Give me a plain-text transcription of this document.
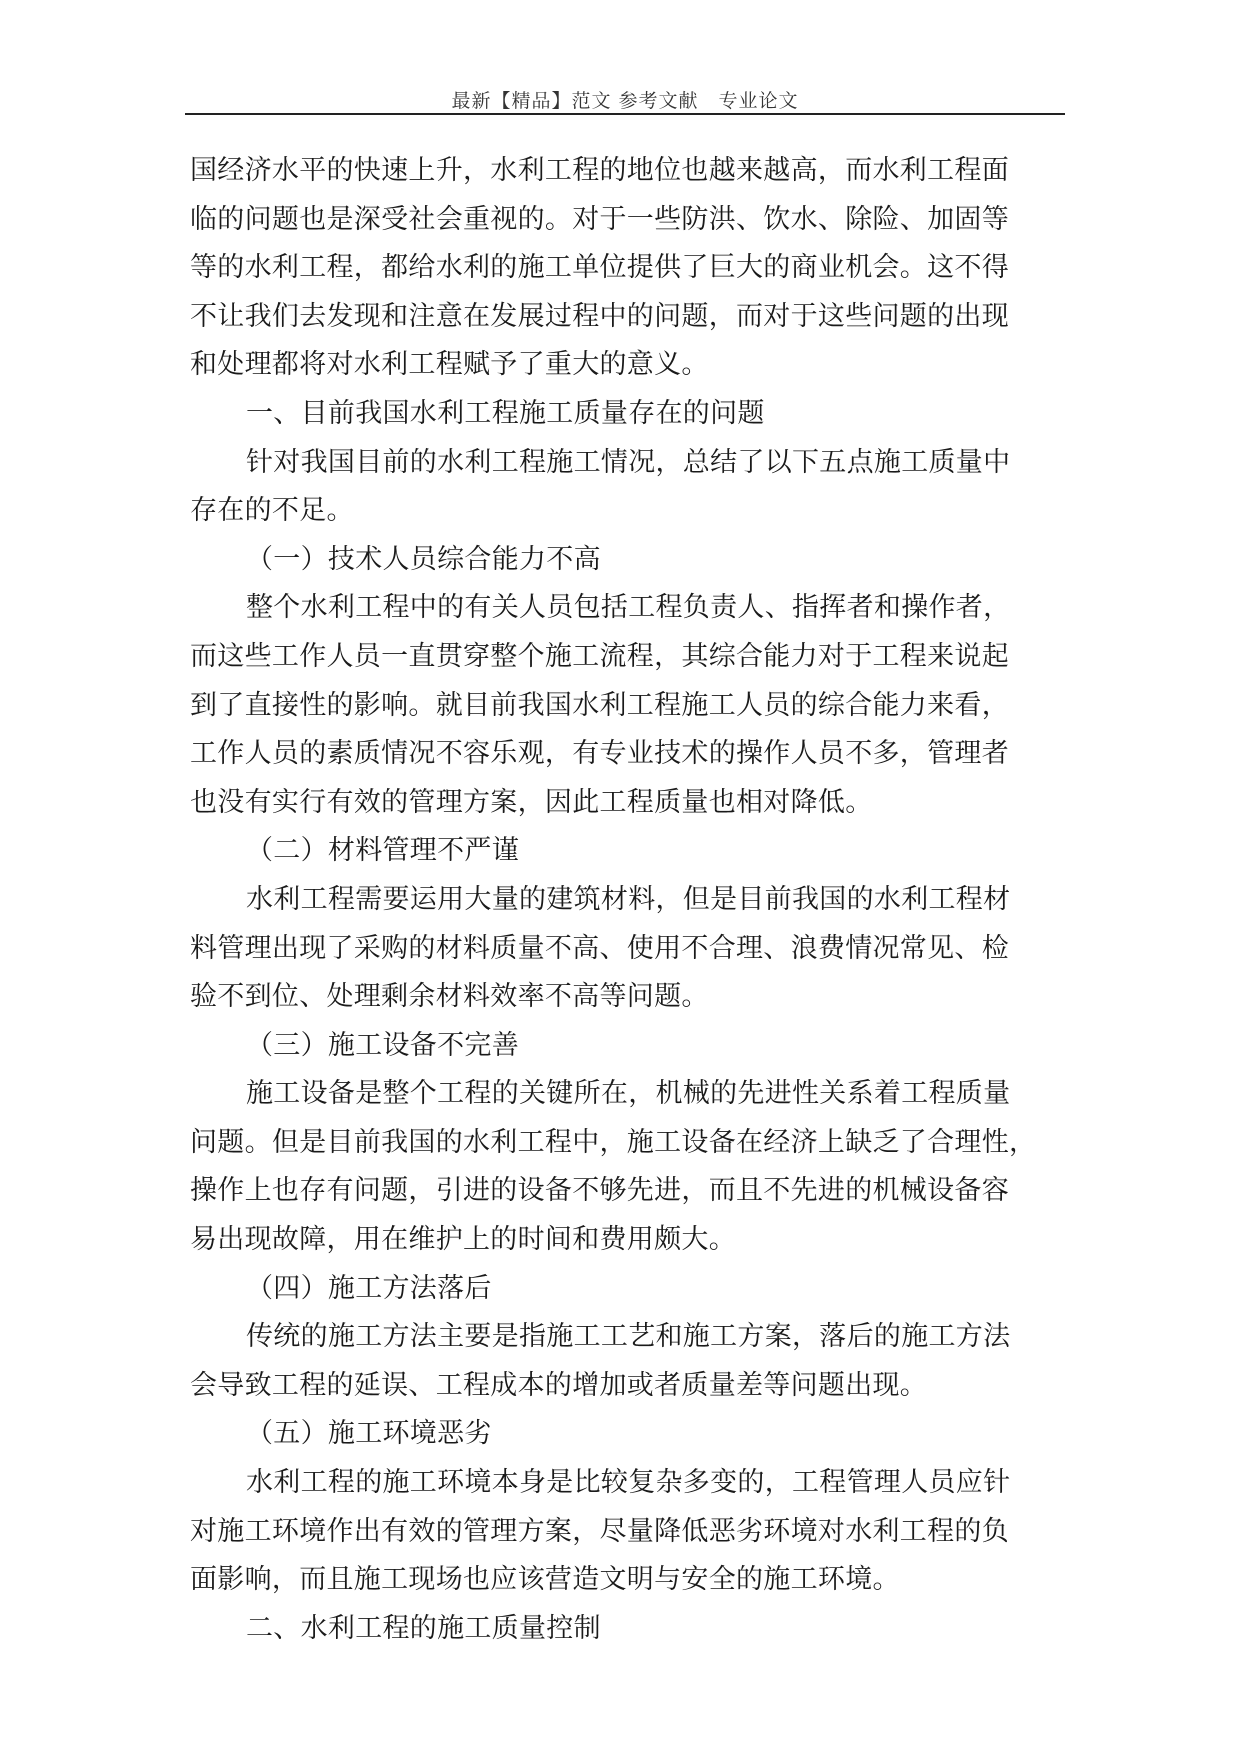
最新【精品】范文 参考文献　专业论文
国经济水平的快速上升，水利工程的地位也越来越高，而水利工程面
临的问题也是深受社会重视的。对于一些防洪、饮水、除险、加固等
等的水利工程，都给水利的施工单位提供了巨大的商业机会。这不得
不让我们去发现和注意在发展过程中的问题，而对于这些问题的出现
和处理都将对水利工程赋予了重大的意义。
一、目前我国水利工程施工质量存在的问题
针对我国目前的水利工程施工情况，总结了以下五点施工质量中
存在的不足。
（一）技术人员综合能力不高
整个水利工程中的有关人员包括工程负责人、指挥者和操作者，
而这些工作人员一直贯穿整个施工流程，其综合能力对于工程来说起
到了直接性的影响。就目前我国水利工程施工人员的综合能力来看，
工作人员的素质情况不容乐观，有专业技术的操作人员不多，管理者
也没有实行有效的管理方案，因此工程质量也相对降低。
（二）材料管理不严谨
水利工程需要运用大量的建筑材料，但是目前我国的水利工程材
料管理出现了采购的材料质量不高、使用不合理、浪费情况常见、检
验不到位、处理剩余材料效率不高等问题。
（三）施工设备不完善
施工设备是整个工程的关键所在，机械的先进性关系着工程质量
问题。但是目前我国的水利工程中，施工设备在经济上缺乏了合理性，
操作上也存有问题，引进的设备不够先进，而且不先进的机械设备容
易出现故障，用在维护上的时间和费用颇大。
（四）施工方法落后
传统的施工方法主要是指施工工艺和施工方案，落后的施工方法
会导致工程的延误、工程成本的增加或者质量差等问题出现。
（五）施工环境恶劣
水利工程的施工环境本身是比较复杂多变的，工程管理人员应针
对施工环境作出有效的管理方案，尽量降低恶劣环境对水利工程的负
面影响，而且施工现场也应该营造文明与安全的施工环境。
二、水利工程的施工质量控制
